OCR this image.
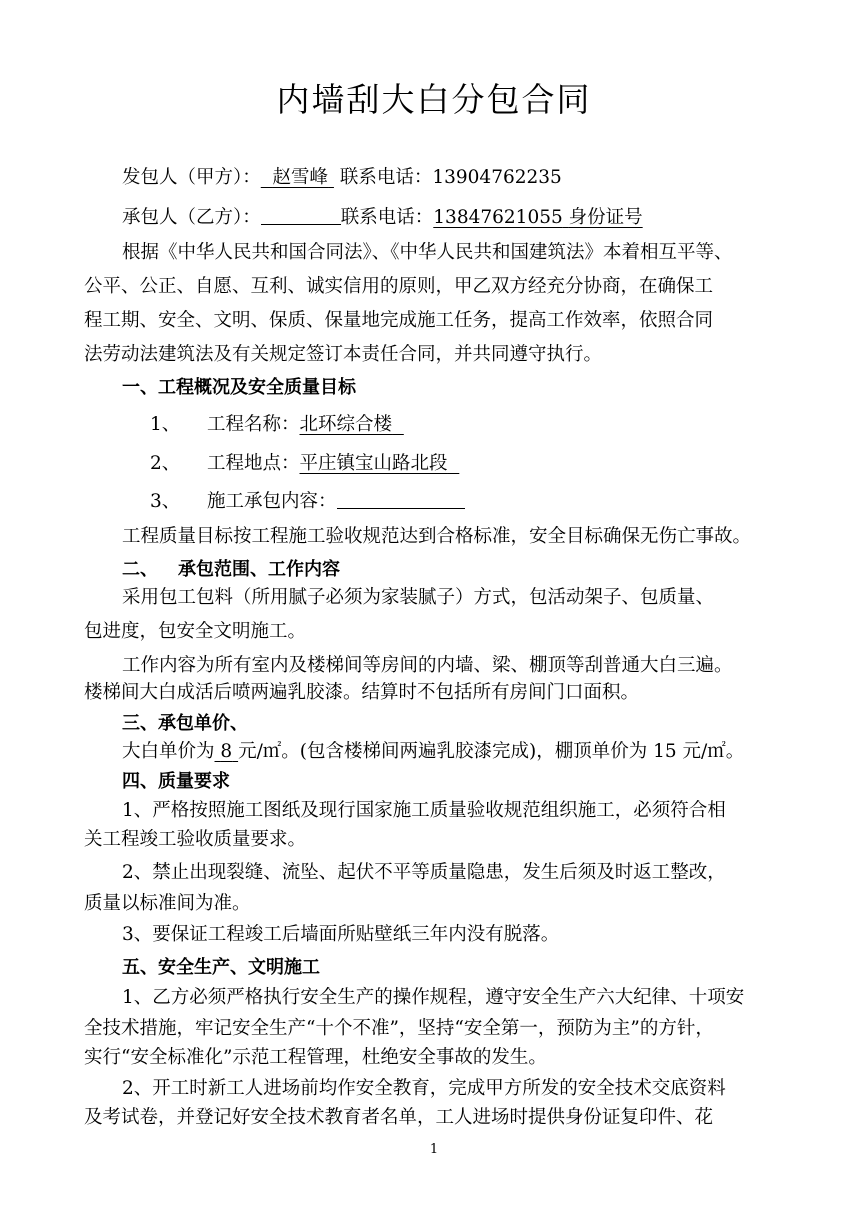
内墙刮大白分包合同
发包人（甲方）： 赵雪峰 联系电话：13904762235
承包人（乙方）：	联系电话：13847621055 身份证号
根据《中华人民共和国合同法》、《中华人民共和国建筑法》本着相互平等、
公平、公正、自愿、互利、诚实信用的原则，甲乙双方经充分协商，在确保工
程工期、安全、文明、保质、保量地完成施工任务，提高工作效率，依照合同
法劳动法建筑法及有关规定签订本责任合同，并共同遵守执行。
一、工程概况及安全质量目标
1、 工程名称：北环综合楼
2、 工程地点：平庄镇宝山路北段
3、 施工承包内容：
工程质量目标按工程施工验收规范达到合格标准，安全目标确保无伤亡事故。
二、 承包范围、工作内容
采用包工包料（所用腻子必须为家装腻子）方式，包活动架子、包质量、
包进度，包安全文明施工。
工作内容为所有室内及楼梯间等房间的内墙、梁、棚顶等刮普通大白三遍。
楼梯间大白成活后喷两遍乳胶漆。结算时不包括所有房间门口面积。
三、承包单价、
大白单价为 8 元/㎡。(包含楼梯间两遍乳胶漆完成)，棚顶单价为 15 元/㎡。
四、质量要求
1、严格按照施工图纸及现行国家施工质量验收规范组织施工，必须符合相
关工程竣工验收质量要求。
2、禁止出现裂缝、流坠、起伏不平等质量隐患，发生后须及时返工整改，
质量以标准间为准。
3、要保证工程竣工后墙面所贴壁纸三年内没有脱落。
五、安全生产、文明施工
1、乙方必须严格执行安全生产的操作规程，遵守安全生产六大纪律、十项安
全技术措施，牢记安全生产“十个不准”，坚持“安全第一，预防为主”的方针，
实行“安全标准化”示范工程管理，杜绝安全事故的发生。
2、开工时新工人进场前均作安全教育，完成甲方所发的安全技术交底资料
及考试卷，并登记好安全技术教育者名单，工人进场时提供身份证复印件、花
1
